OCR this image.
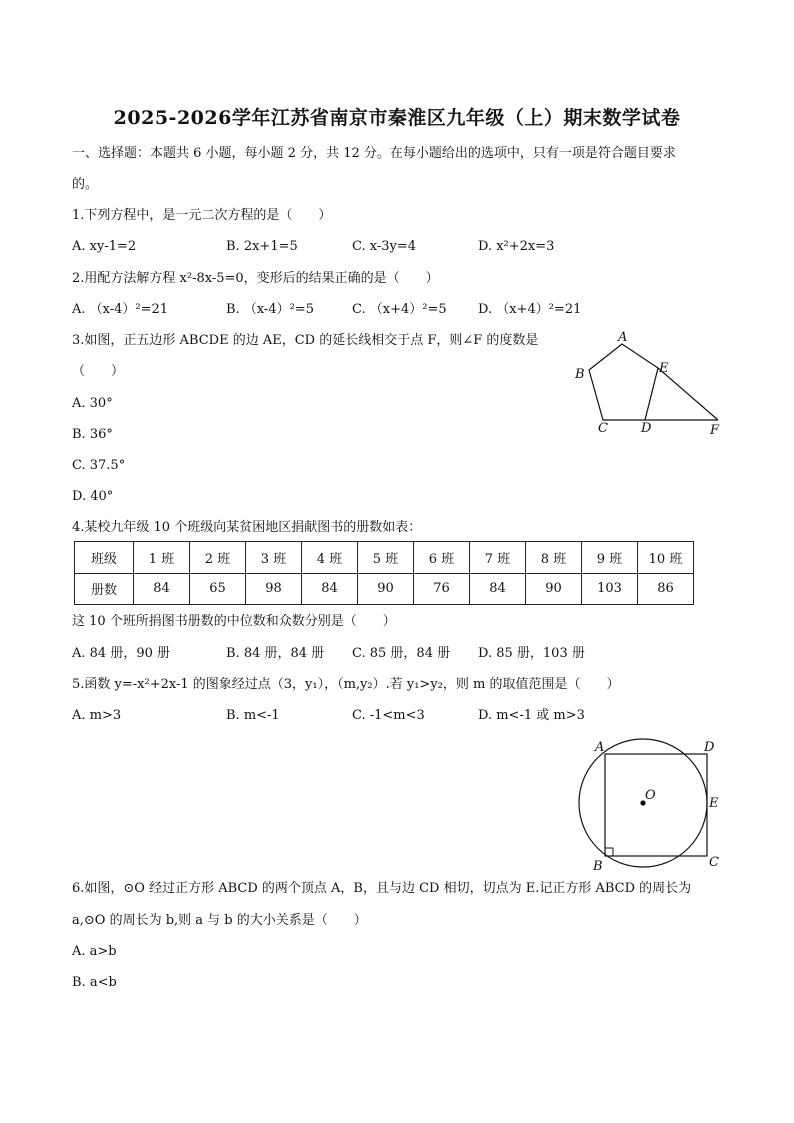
2025-2026学年江苏省南京市秦淮区九年级（上）期末数学试卷
一、选择题：本题共 6 小题，每小题 2 分，共 12 分。在每小题给出的选项中，只有一项是符合题目要求
的。
1.下列方程中，是一元二次方程的是（　　）
A. xy-1=2	B. 2x+1=5	C. x-3y=4	D. x²+2x=3
2.用配方法解方程 x²-8x-5=0，变形后的结果正确的是（　　）
A. （x-4）²=21	B. （x-4）²=5	C. （x+4）²=5 D. （x+4）²=21
3.如图，正五边形 ABCDE 的边 AE，CD 的延长线相交于点 F，则∠F 的度数是
（　　）
A. 30°
B. 36°
C. 37.5°
D. 40°
A
B
C	D
E
F
4.某校九年级 10 个班级向某贫困地区捐献图书的册数如表：
班级	1 班	2 班	3 班	4 班	5 班	6 班	7 班	8 班	9 班	10 班
册数	84	65	98	84	90	76	84	90	103	86
这 10 个班所捐图书册数的中位数和众数分别是（　　）
A. 84 册，90 册	B. 84 册，84 册 C. 85 册，84 册 D. 85 册，103 册
5.函数 y=-x²+2x-1 的图象经过点（3，y₁），（m,y₂）.若 y₁>y₂，则 m 的取值范围是（　　）
A. m>3	B. m<-1	C. -1<m<3	D. m<-1 或 m>3
A	D
O
E
B	C
6.如图，⊙O 经过正方形 ABCD 的两个顶点 A，B，且与边 CD 相切，切点为 E.记正方形 ABCD 的周长为
a,⊙O 的周长为 b,则 a 与 b 的大小关系是（　　）
A. a>b
B. a<b
